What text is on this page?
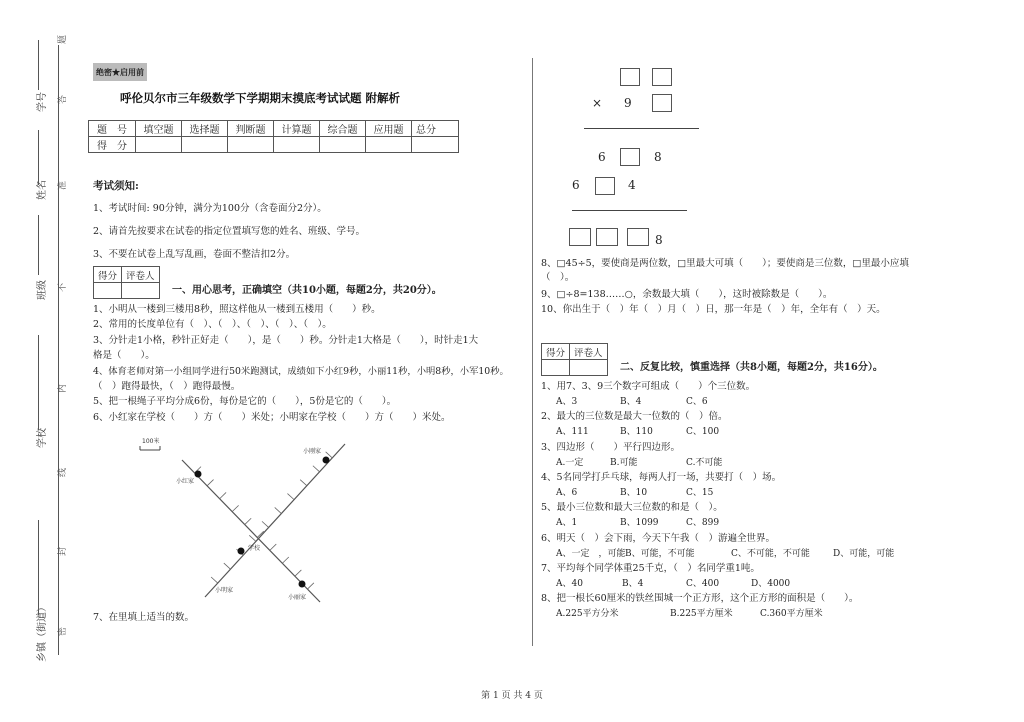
题
答
准
不
内
线
封
密
学号
姓名
班级
学校
乡镇（街道）
绝密★启用前
呼伦贝尔市三年级数学下学期期末摸底考试试题 附解析
题　号	填空题	选择题	判断题	计算题	综合题	应用题	总分
得　分							
考试须知:
1、考试时间: 90分钟，满分为100分（含卷面分2分）。
2、请首先按要求在试卷的指定位置填写您的姓名、班级、学号。
3、不要在试卷上乱写乱画，卷面不整洁扣2分。
得分	评卷人

一、用心思考，正确填空（共10小题，每题2分，共20分）。
1、小明从一楼到三楼用8秒，照这样他从一楼到五楼用（　　）秒。
2、常用的长度单位有（　）、（　）、（　）、（　）、（　）。
3、分针走1小格，秒针正好走（　　），是（　　）秒。分针走1大格是（　　），时针走1大
格是（　　）。
4、体育老师对第一小组同学进行50米跑测试，成绩如下小红9秒，小丽11秒，小明8秒，小军10秒。
（　）跑得最快，（　）跑得最慢。
5、把一根绳子平均分成6份，每份是它的（　　），5份是它的（　　）。
6、小红家在学校（　　）方（　　）米处；小明家在学校（　　）方（　　）米处。
100米
小刚家
小红家
学校
小明家
小丽家
7、在里填上适当的数。
× 9
6	8
6	4
8
8、□45÷5，要使商是两位数，□里最大可填（　　）；要使商是三位数，□里最小应填
（　）。
9、□÷8=138……○，余数最大填（　　），这时被除数是（　　）。
10、你出生于（　）年（　）月（　）日，那一年是（　）年，全年有（　）天。
得分	评卷人

二、反复比较，慎重选择（共8小题，每题2分，共16分）。
1、用7、3、9三个数字可组成（　　）个三位数。
A、3	B、4	C、6
2、最大的三位数是最大一位数的（　）倍。
A、111	B、110	C、100
3、四边形（　　）平行四边形。
A.一定	B.可能	C.不可能
4、5名同学打乒乓球，每两人打一场，共要打（　）场。
A、6	B、10	C、15
5、最小三位数和最大三位数的和是（　）。
A、1	B、1099	C、899
6、明天（　）会下雨，今天下午我（　）游遍全世界。
A、一定　，可能 B、可能，不可能	C、不可能，不可能	D、可能，可能
7、平均每个同学体重25千克，（　）名同学重1吨。
A、40	B、4	C、400	D、4000
8、把一根长60厘米的铁丝围城一个正方形，这个正方形的面积是（　　）。
A.225平方分米	B.225平方厘米	C.360平方厘米
第 1 页 共 4 页
